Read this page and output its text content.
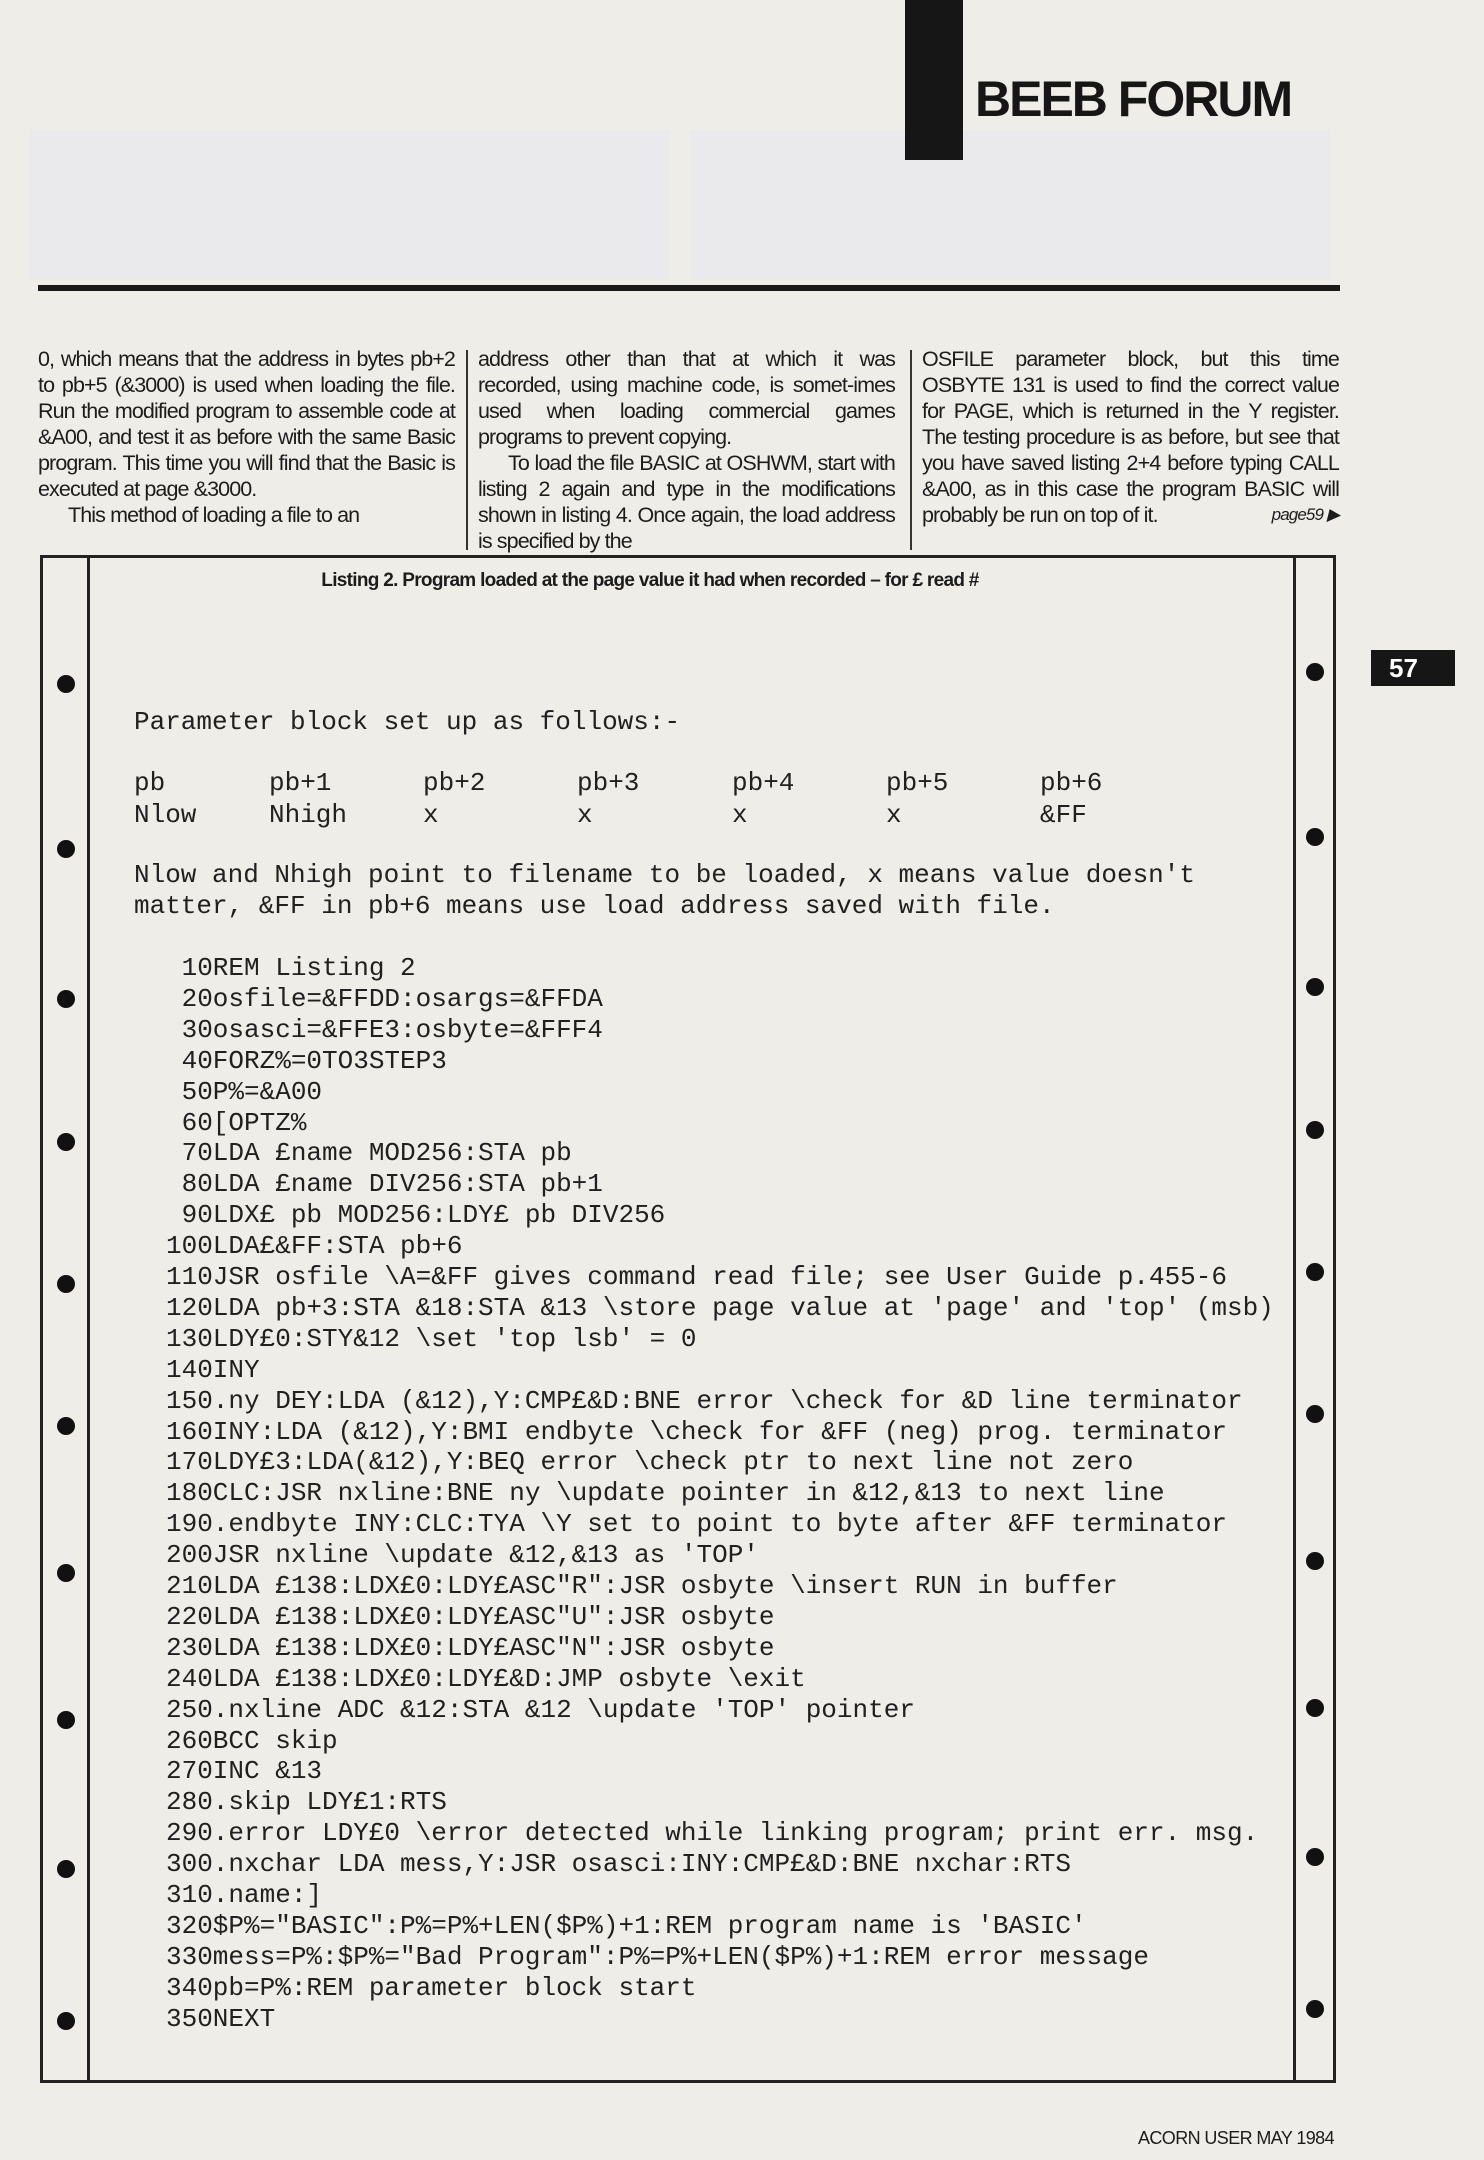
BEEB FORUM

0, which means that the address in bytes pb+2 to pb+5 (&3000) is used when loading the file. Run the modified program to assemble code at &A00, and test it as before with the same Basic program. This time you will find that the Basic is executed at page &3000.

This method of loading a file to an

address other than that at which it was recorded, using machine code, is somet-imes used when loading commercial games programs to prevent copying.

To load the file BASIC at OSHWM, start with listing 2 again and type in the modifications shown in listing 4. Once again, the load address is specified by the

OSFILE parameter block, but this time OSBYTE 131 is used to find the correct value for PAGE, which is returned in the Y register. The testing procedure is as before, but see that you have saved listing 2+4 before typing CALL &A00, as in this case the program BASIC will probably be run on top of it.	page59 ▶

57
Listing 2. Program loaded at the page value it had when recorded – for £ read #
Parameter block set up as follows:-
pb
Nlow
pb+1
Nhigh
pb+2
x
pb+3
x
pb+4
x
pb+5
x
pb+6
&FF
Nlow and Nhigh point to filename to be loaded, x means value doesn't
matter, &FF in pb+6 means use load address saved with file.
10REM Listing 2
20osfile=&FFDD:osargs=&FFDA
30osasci=&FFE3:osbyte=&FFF4
40FORZ%=0TO3STEP3
50P%=&A00
60[OPTZ%
70LDA £name MOD256:STA pb
80LDA £name DIV256:STA pb+1
90LDX£ pb MOD256:LDY£ pb DIV256
100LDA£&FF:STA pb+6
110JSR osfile \A=&FF gives command read file; see User Guide p.455-6
120LDA pb+3:STA &18:STA &13 \store page value at 'page' and 'top' (msb)
130LDY£0:STY&12 \set 'top lsb' = 0
140INY
150.ny DEY:LDA (&12),Y:CMP£&D:BNE error \check for &D line terminator
160INY:LDA (&12),Y:BMI endbyte \check for &FF (neg) prog. terminator
170LDY£3:LDA(&12),Y:BEQ error \check ptr to next line not zero
180CLC:JSR nxline:BNE ny \update pointer in &12,&13 to next line
190.endbyte INY:CLC:TYA \Y set to point to byte after &FF terminator
200JSR nxline \update &12,&13 as 'TOP'
210LDA £138:LDX£0:LDY£ASC"R":JSR osbyte \insert RUN in buffer
220LDA £138:LDX£0:LDY£ASC"U":JSR osbyte
230LDA £138:LDX£0:LDY£ASC"N":JSR osbyte
240LDA £138:LDX£0:LDY£&D:JMP osbyte \exit
250.nxline ADC &12:STA &12 \update 'TOP' pointer
260BCC skip
270INC &13
280.skip LDY£1:RTS
290.error LDY£0 \error detected while linking program; print err. msg.
300.nxchar LDA mess,Y:JSR osasci:INY:CMP£&D:BNE nxchar:RTS
310.name:]
320$P%="BASIC":P%=P%+LEN($P%)+1:REM program name is 'BASIC'
330mess=P%:$P%="Bad Program":P%=P%+LEN($P%)+1:REM error message
340pb=P%:REM parameter block start
350NEXT
ACORN USER MAY 1984
